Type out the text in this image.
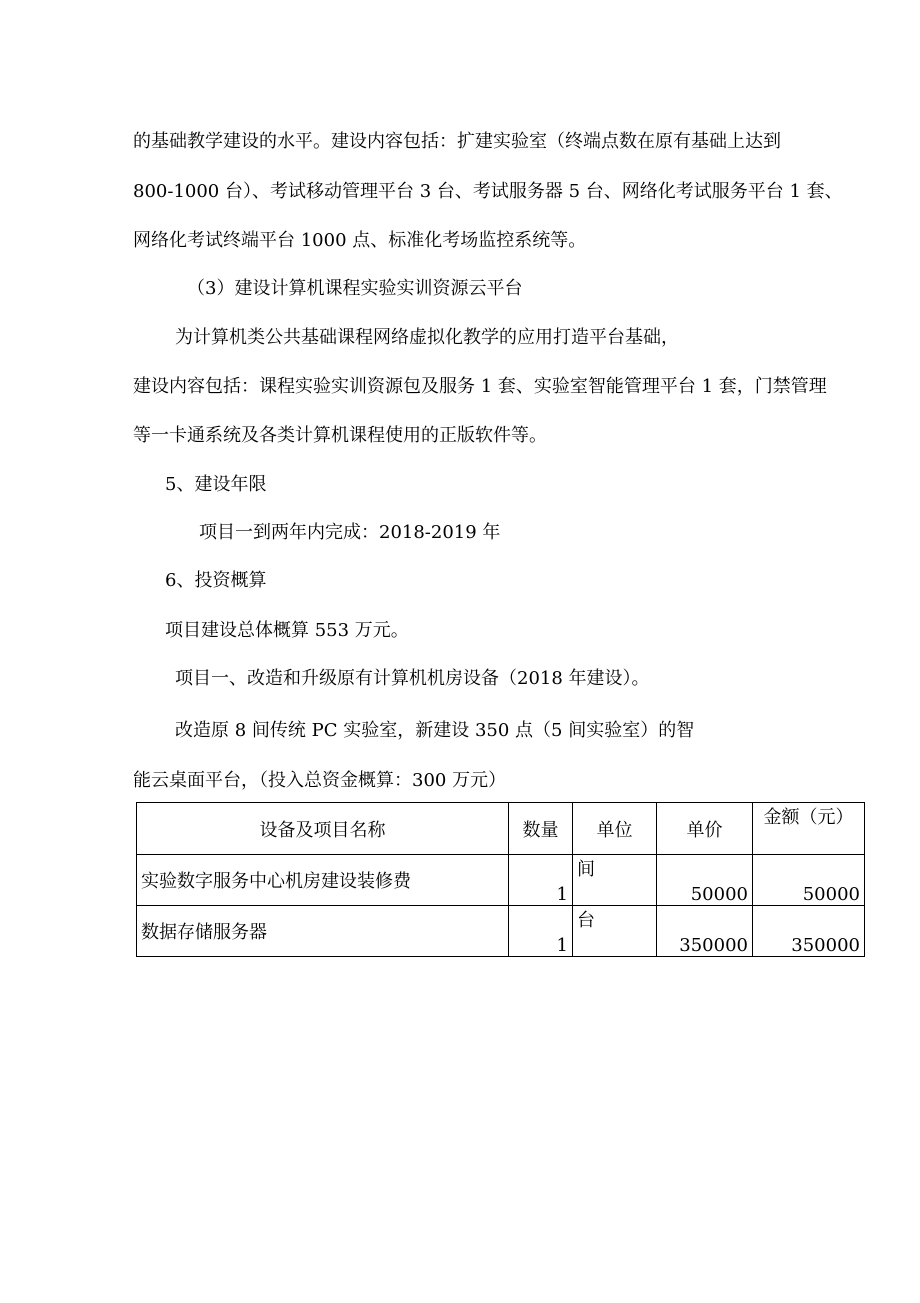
的基础教学建设的水平。建设内容包括：扩建实验室（终端点数在原有基础上达到

800-1000 台）、考试移动管理平台 3 台、考试服务器 5 台、网络化考试服务平台 1 套、

网络化考试终端平台 1000 点、标准化考场监控系统等。

（3）建设计算机课程实验实训资源云平台

为计算机类公共基础课程网络虚拟化教学的应用打造平台基础，

建设内容包括：课程实验实训资源包及服务 1 套、实验室智能管理平台 1 套，门禁管理

等一卡通系统及各类计算机课程使用的正版软件等。

5、建设年限

项目一到两年内完成：2018-2019 年

6、投资概算

项目建设总体概算 553 万元。

项目一、改造和升级原有计算机机房设备（2018 年建设）。

改造原 8 间传统 PC 实验室，新建设 350 点（5 间实验室）的智

能云桌面平台，（投入总资金概算：300 万元）

设备及项目名称	数量	单位	单价	金额（元）
实验数字服务中心机房建设装修费	1	间	50000	50000
数据存储服务器	1	台	350000	350000
